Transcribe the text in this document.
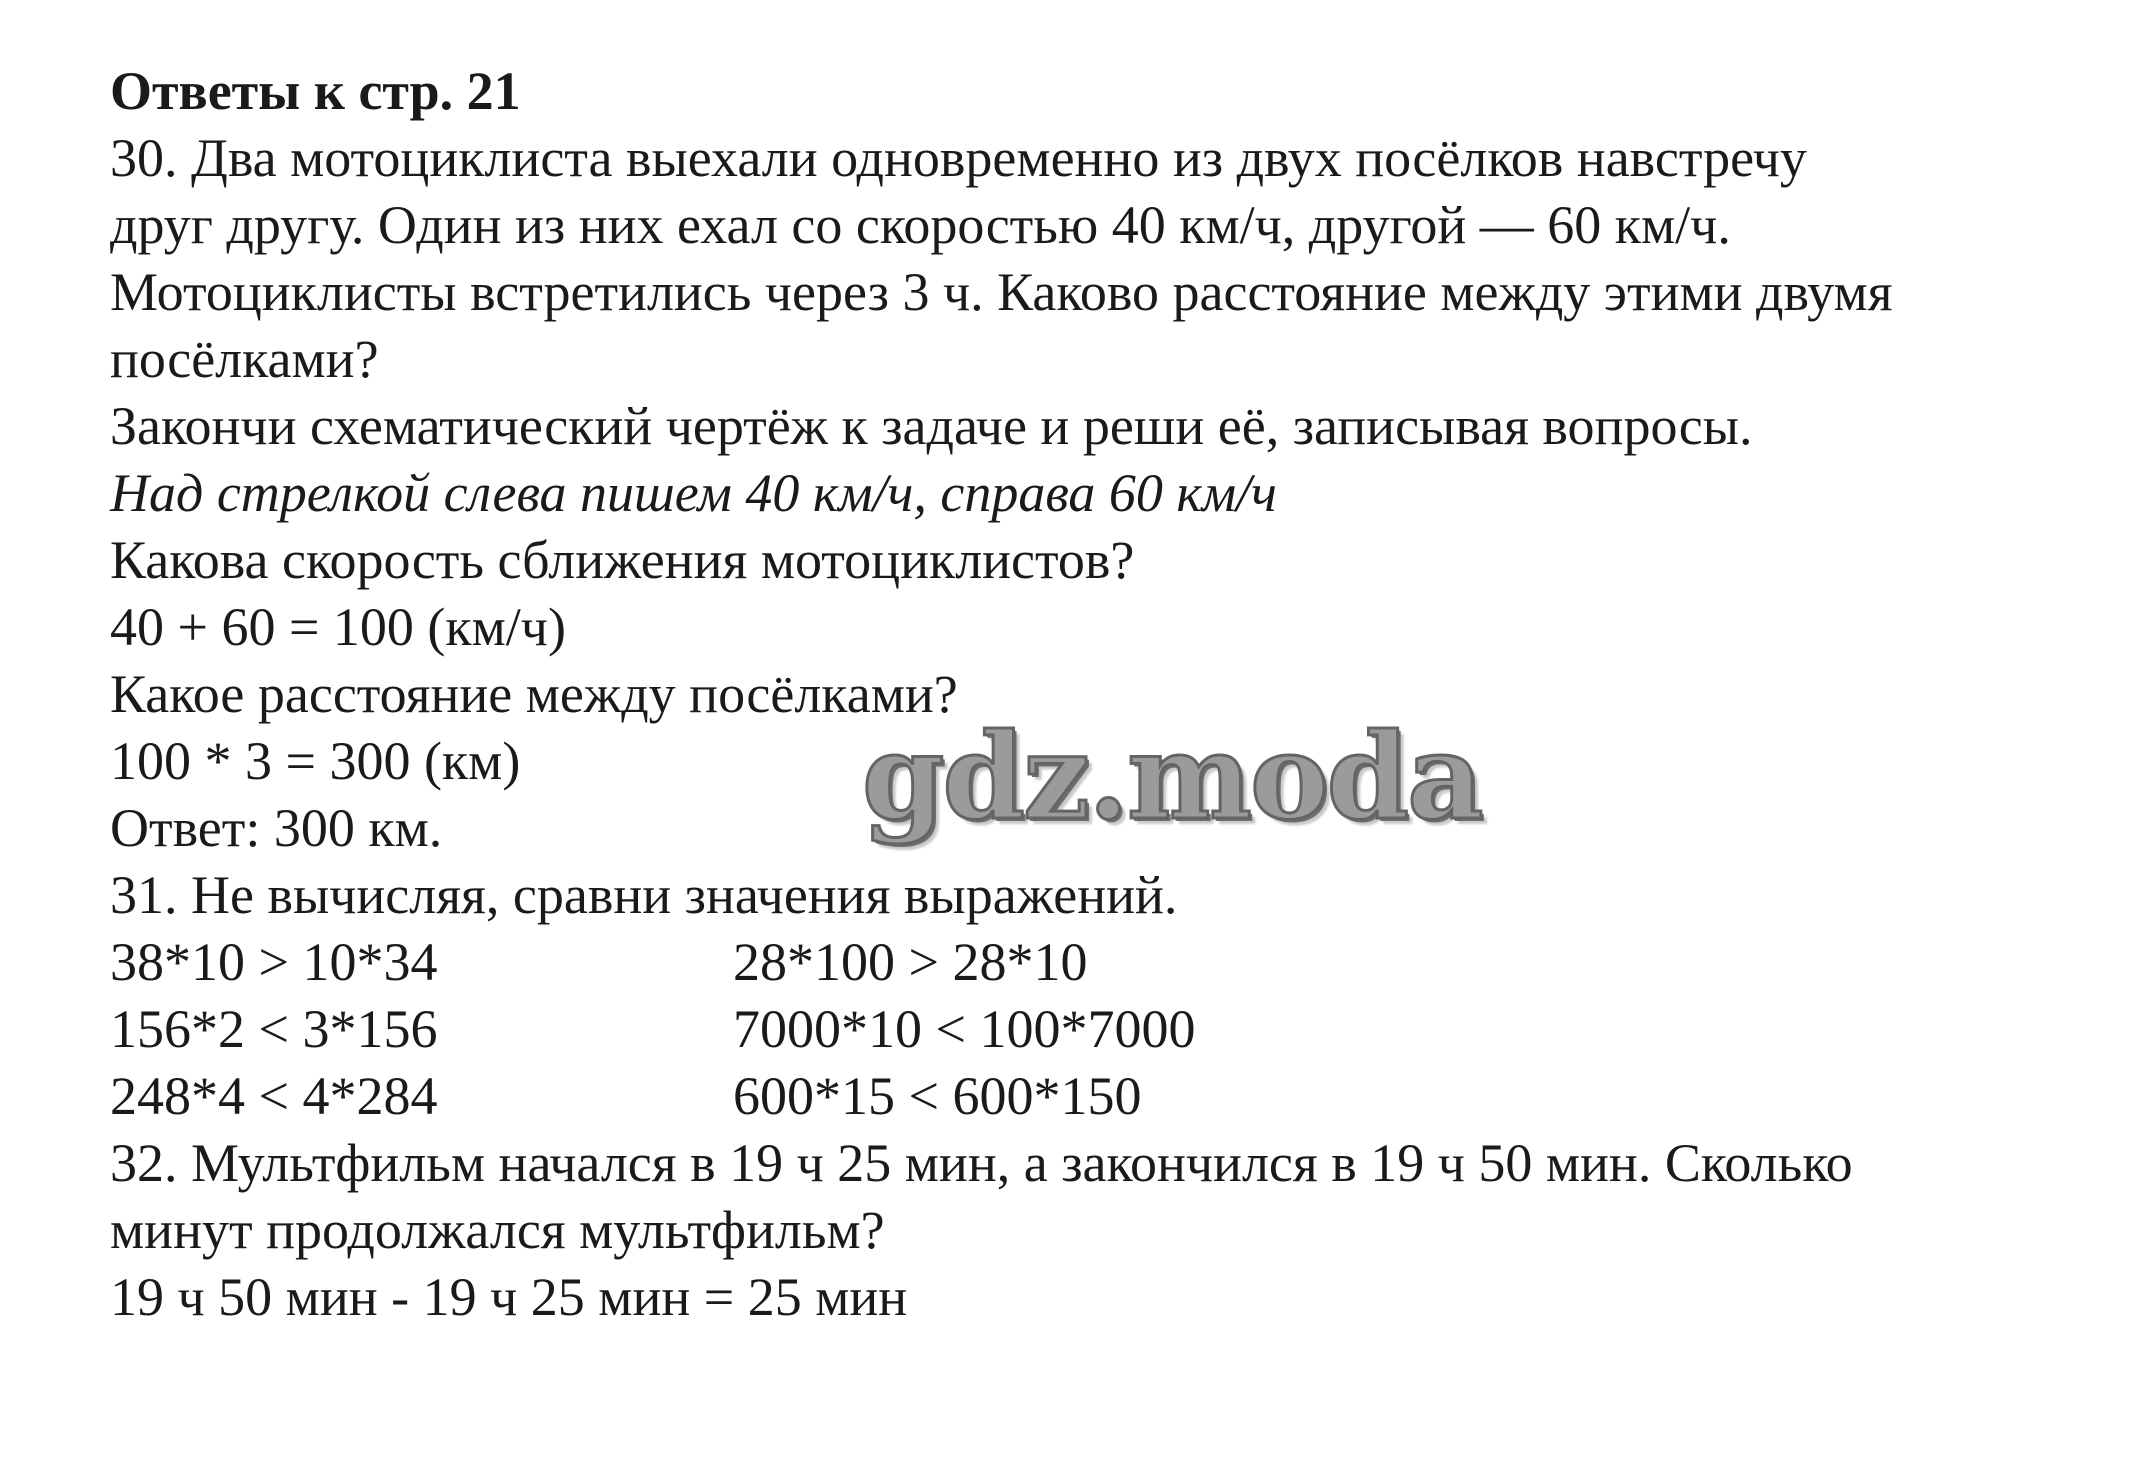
Ответы к стр. 21
30. Два мотоциклиста выехали одновременно из двух посёлков навстречу
друг другу. Один из них ехал со скоростью 40 км/ч, другой — 60 км/ч.
Мотоциклисты встретились через 3 ч. Каково расстояние между этими двумя
посёлками?
Закончи схематический чертёж к задаче и реши её, записывая вопросы.
Над стрелкой слева пишем 40 км/ч, справа 60 км/ч
Какова скорость сближения мотоциклистов?
40 + 60 = 100 (км/ч)
Какое расстояние между посёлками?
100 * 3 = 300 (км)
Ответ: 300 км.
31. Не вычисляя, сравни значения выражений.
38*10 > 10*34	28*100 > 28*10
156*2 < 3*156	7000*10 < 100*7000
248*4 < 4*284	600*15 < 600*150
32. Мультфильм начался в 19 ч 25 мин, а закончился в 19 ч 50 мин. Сколько
минут продолжался мультфильм?
19 ч 50 мин - 19 ч 25 мин = 25 мин
gdz.moda
